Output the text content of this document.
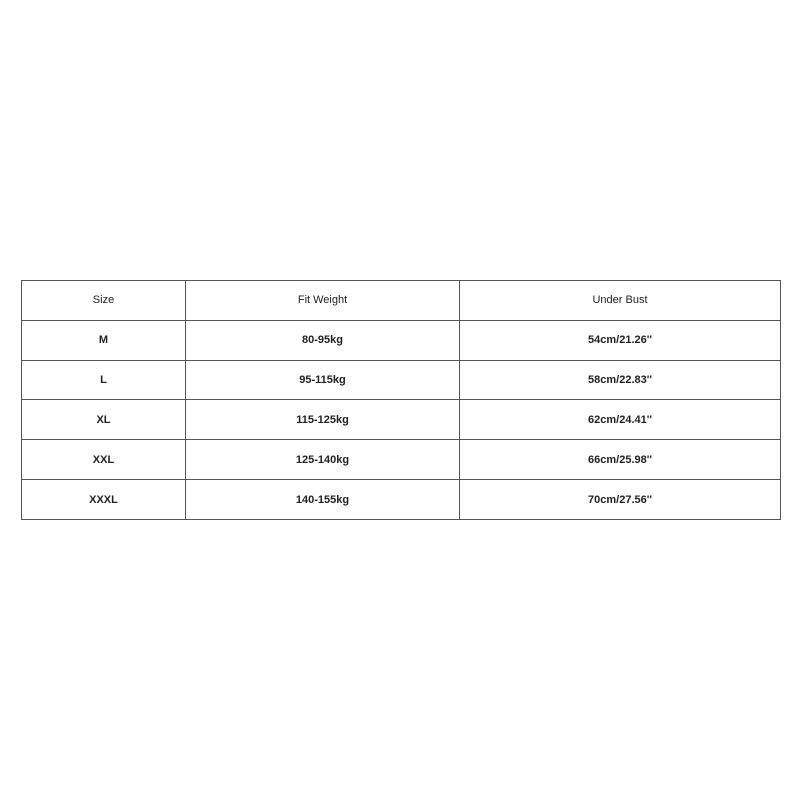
Size	Fit Weight	Under Bust
M	80-95kg	54cm/21.26''
L	95-115kg	58cm/22.83''
XL	115-125kg	62cm/24.41''
XXL	125-140kg	66cm/25.98''
XXXL	140-155kg	70cm/27.56''
